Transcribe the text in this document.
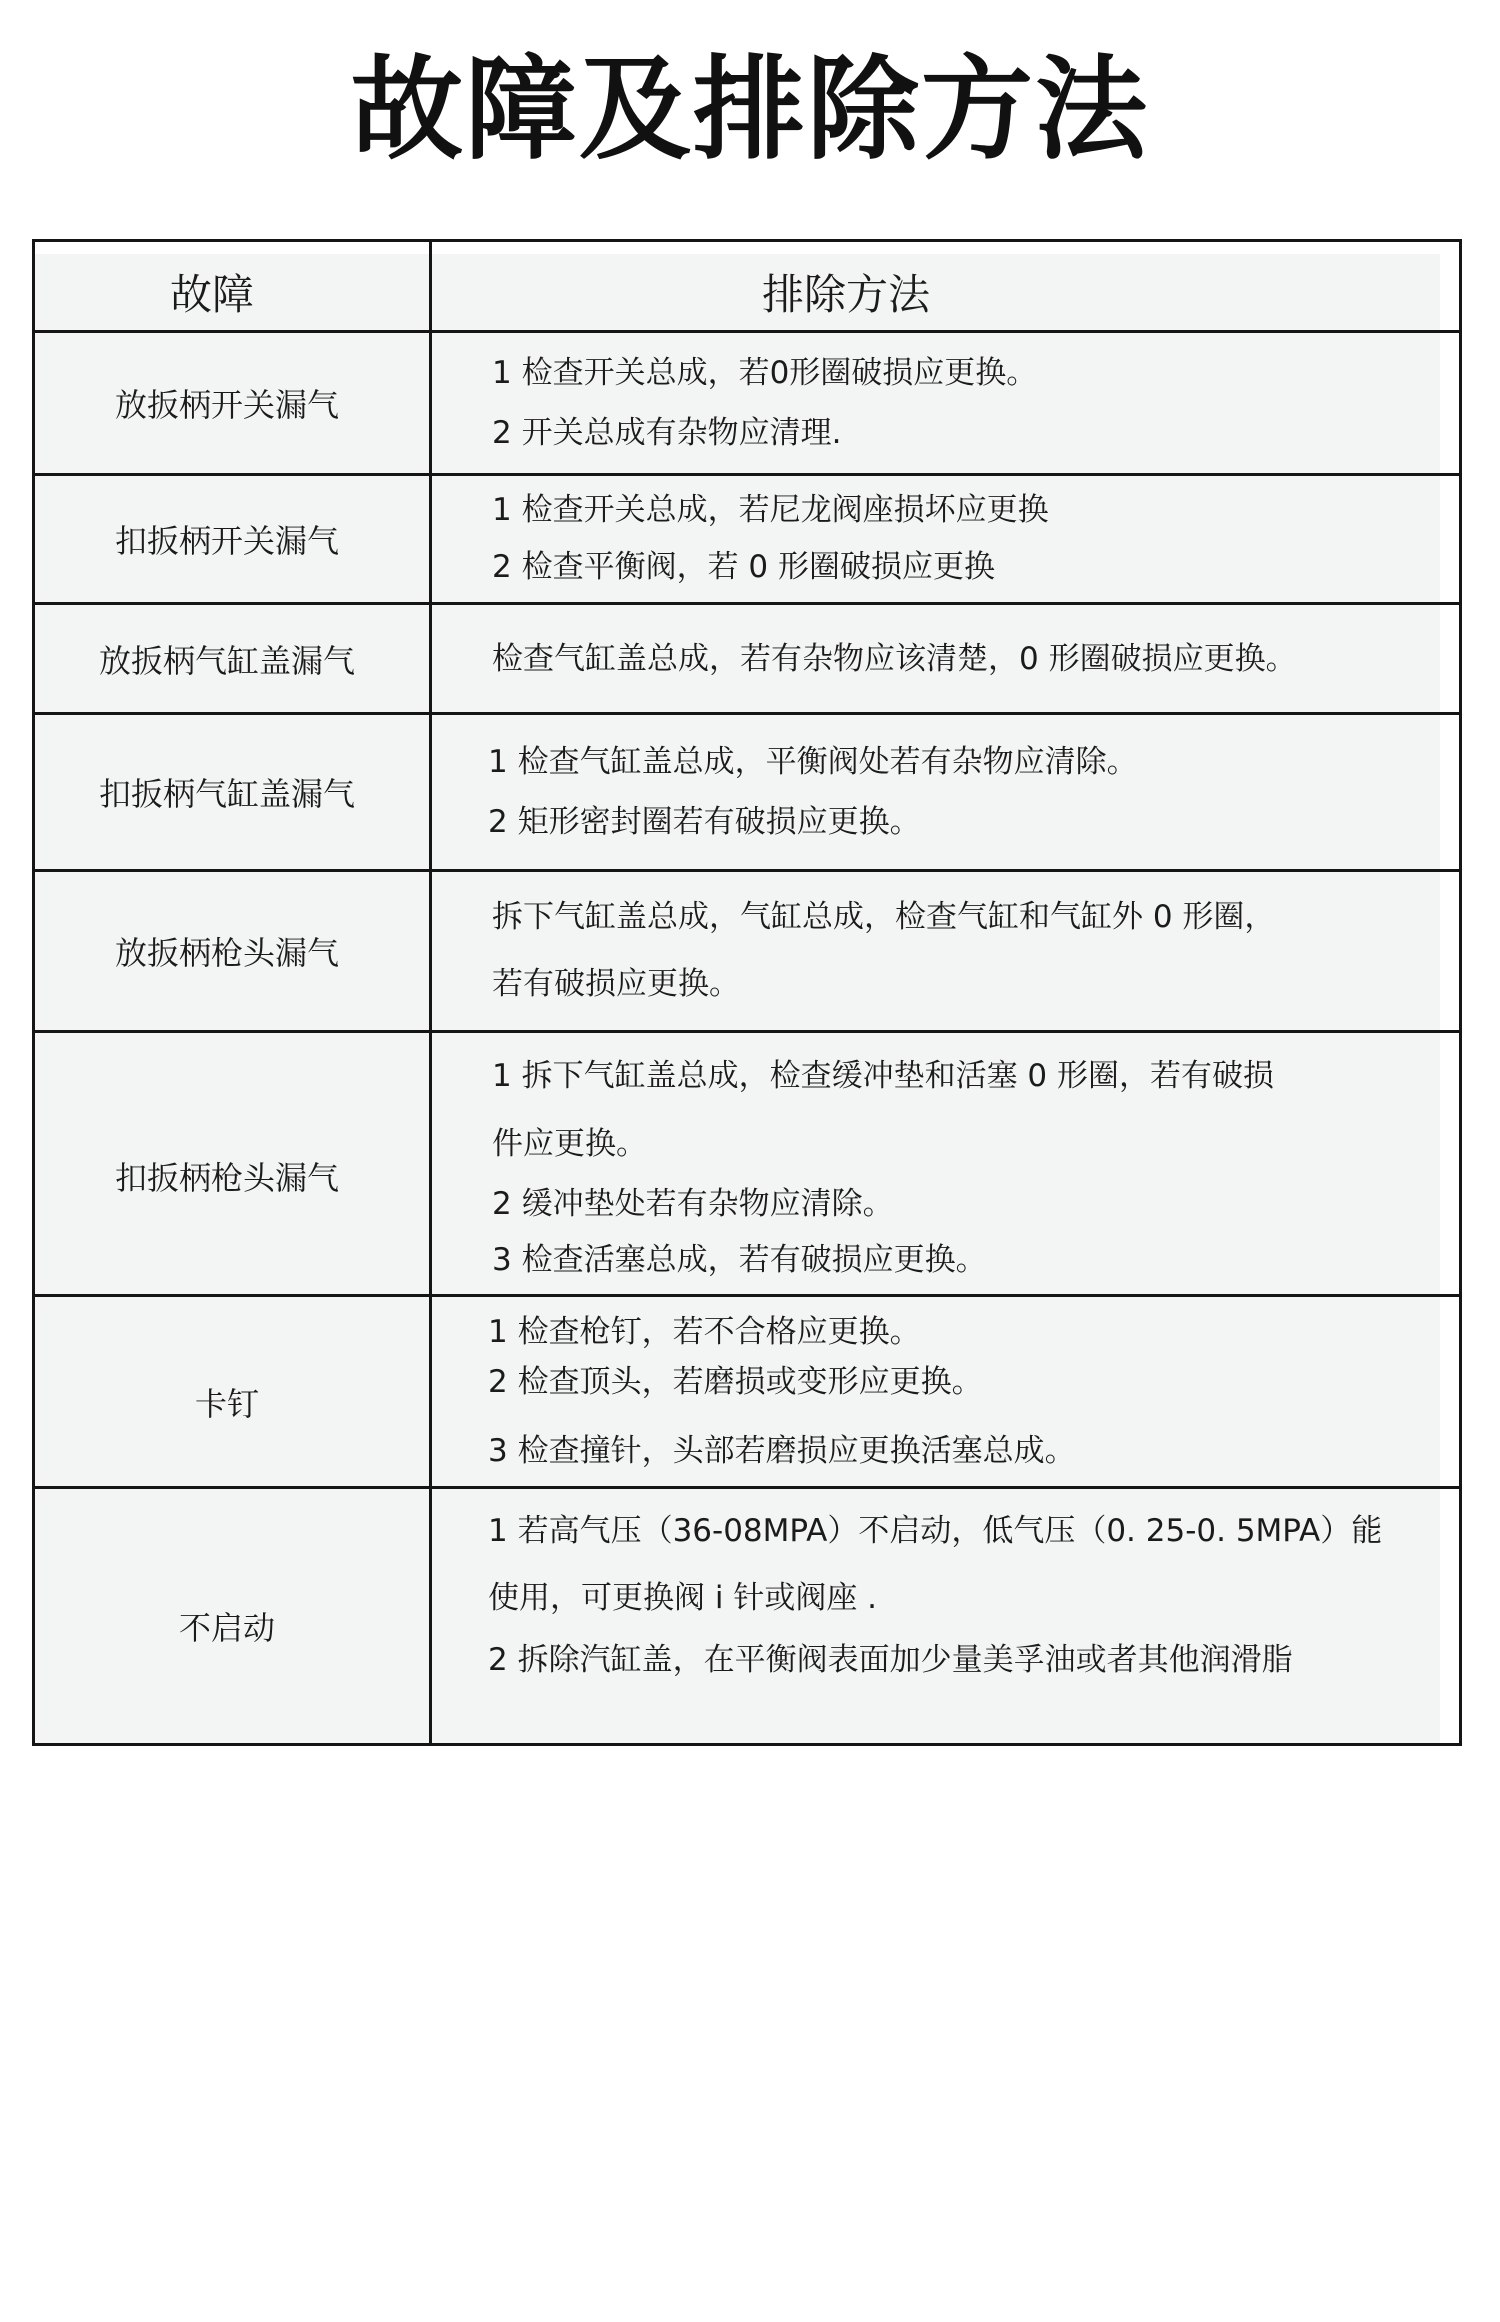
故障及排除方法
故障	排除方法
放扳柄开关漏气
1 检查开关总成，若0形圈破损应更换。
2 开关总成有杂物应清理.
扣扳柄开关漏气
1 检查开关总成，若尼龙阀座损坏应更换
2 检查平衡阀，若 0 形圈破损应更换
放扳柄气缸盖漏气	检查气缸盖总成，若有杂物应该清楚，0 形圈破损应更换。
扣扳柄气缸盖漏气
1 检查气缸盖总成，平衡阀处若有杂物应清除。
2 矩形密封圈若有破损应更换。
放扳柄枪头漏气
拆下气缸盖总成，气缸总成，检查气缸和气缸外 0 形圈，
若有破损应更换。
扣扳柄枪头漏气
1 拆下气缸盖总成，检查缓冲垫和活塞 0 形圈，若有破损
件应更换。
2 缓冲垫处若有杂物应清除。
3 检查活塞总成，若有破损应更换。
卡钉
1 检查枪钉，若不合格应更换。
2 检查顶头，若磨损或变形应更换。
3 检查撞针，头部若磨损应更换活塞总成。
不启动
1 若高气压（36-08MPA）不启动，低气压（0. 25-0. 5MPA）能
使用，可更换阀 i 针或阀座 .
2 拆除汽缸盖，在平衡阀表面加少量美孚油或者其他润滑脂
